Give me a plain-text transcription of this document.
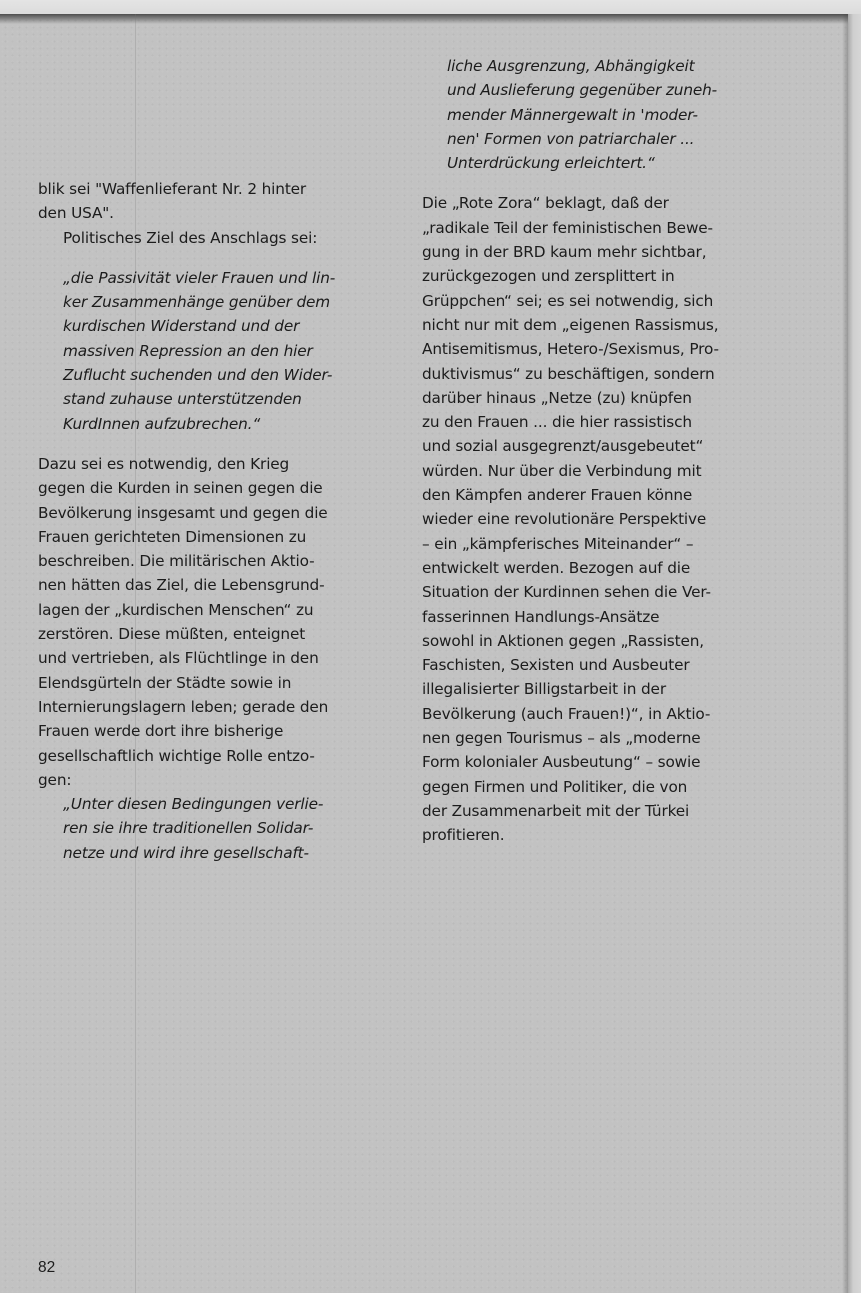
blik sei "Waffenlieferant Nr. 2 hinter
den USA".
Politisches Ziel des Anschlags sei:
„die Passivität vieler Frauen und lin-
ker Zusammenhänge genüber dem
kurdischen Widerstand und der
massiven Repression an den hier
Zuflucht suchenden und den Wider-
stand zuhause unterstützenden
KurdInnen aufzubrechen.“
Dazu sei es notwendig, den Krieg
gegen die Kurden in seinen gegen die
Bevölkerung insgesamt und gegen die
Frauen gerichteten Dimensionen zu
beschreiben. Die militärischen Aktio-
nen hätten das Ziel, die Lebensgrund-
lagen der „kurdischen Menschen“ zu
zerstören. Diese müßten, enteignet
und vertrieben, als Flüchtlinge in den
Elendsgürteln der Städte sowie in
Internierungslagern leben; gerade den
Frauen werde dort ihre bisherige
gesellschaftlich wichtige Rolle entzo-
gen:
„Unter diesen Bedingungen verlie-
ren sie ihre traditionellen Solidar-
netze und wird ihre gesellschaft-
liche Ausgrenzung, Abhängigkeit
und Auslieferung gegenüber zuneh-
mender Männergewalt in 'moder-
nen' Formen von patriarchaler ...
Unterdrückung erleichtert.“
Die „Rote Zora“ beklagt, daß der
„radikale Teil der feministischen Bewe-
gung in der BRD kaum mehr sichtbar,
zurückgezogen und zersplittert in
Grüppchen“ sei; es sei notwendig, sich
nicht nur mit dem „eigenen Rassismus,
Antisemitismus, Hetero-/Sexismus, Pro-
duktivismus“ zu beschäftigen, sondern
darüber hinaus „Netze (zu) knüpfen
zu den Frauen ... die hier rassistisch
und sozial ausgegrenzt/ausgebeutet“
würden. Nur über die Verbindung mit
den Kämpfen anderer Frauen könne
wieder eine revolutionäre Perspektive
– ein „kämpferisches Miteinander“ –
entwickelt werden. Bezogen auf die
Situation der Kurdinnen sehen die Ver-
fasserinnen Handlungs-Ansätze
sowohl in Aktionen gegen „Rassisten,
Faschisten, Sexisten und Ausbeuter
illegalisierter Billigstarbeit in der
Bevölkerung (auch Frauen!)“, in Aktio-
nen gegen Tourismus – als „moderne
Form kolonialer Ausbeutung“ – sowie
gegen Firmen und Politiker, die von
der Zusammenarbeit mit der Türkei
profitieren.
82
